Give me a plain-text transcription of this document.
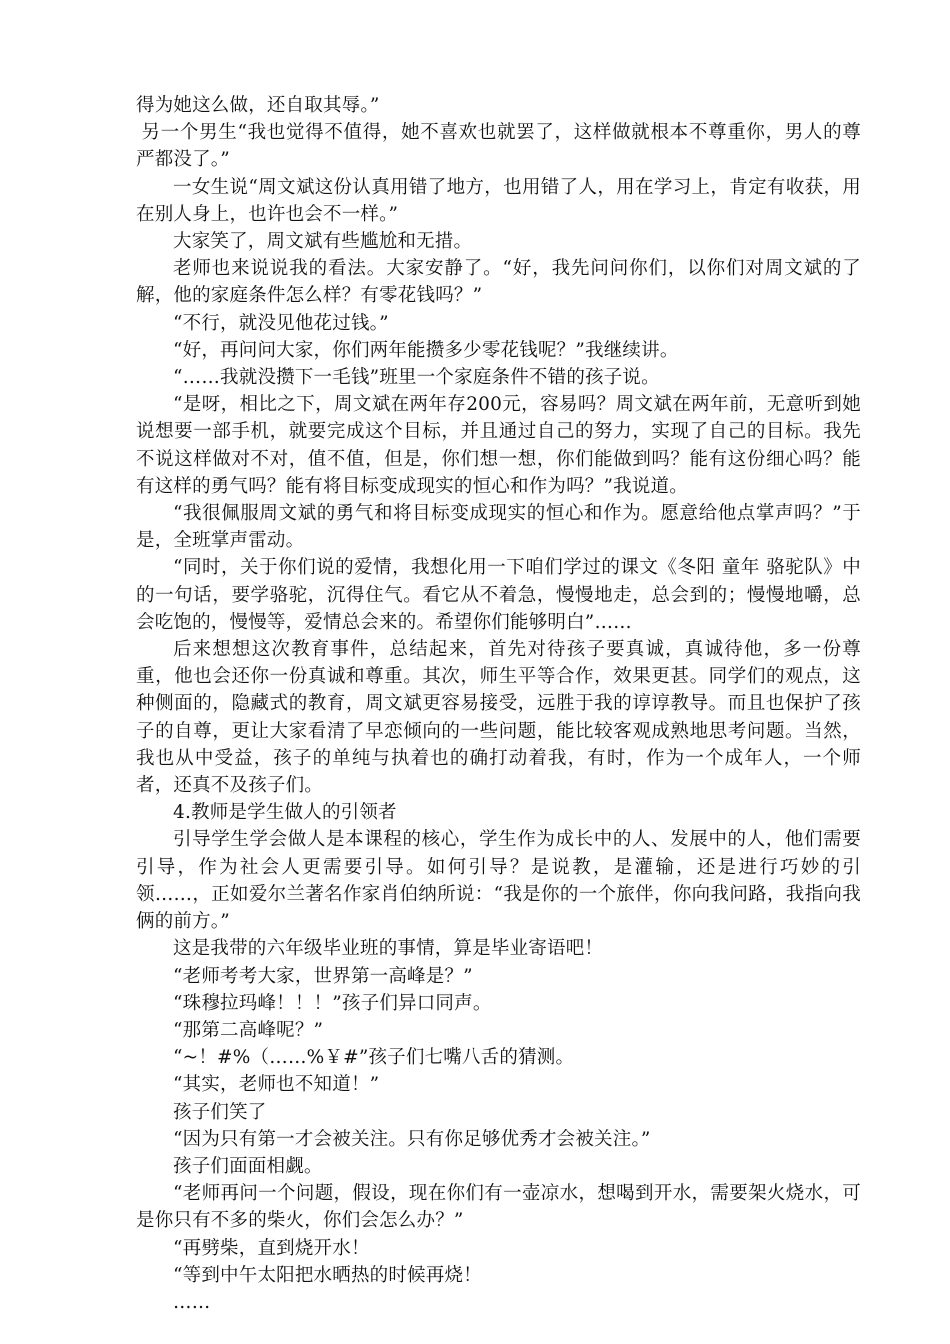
得为她这么做，还自取其辱。”

另一个男生“我也觉得不值得，她不喜欢也就罢了，这样做就根本不尊重你，男人的尊严都没了。”

一女生说“周文斌这份认真用错了地方，也用错了人，用在学习上，肯定有收获，用在别人身上，也许也会不一样。”

大家笑了，周文斌有些尴尬和无措。

老师也来说说我的看法。大家安静了。“好，我先问问你们，以你们对周文斌的了解，他的家庭条件怎么样？有零花钱吗？”

“不行，就没见他花过钱。”

“好，再问问大家，你们两年能攒多少零花钱呢？”我继续讲。

“……我就没攒下一毛钱”班里一个家庭条件不错的孩子说。

“是呀，相比之下，周文斌在两年存200元，容易吗？周文斌在两年前，无意听到她说想要一部手机，就要完成这个目标，并且通过自己的努力，实现了自己的目标。我先不说这样做对不对，值不值，但是，你们想一想，你们能做到吗？能有这份细心吗？能有这样的勇气吗？能有将目标变成现实的恒心和作为吗？”我说道。

“我很佩服周文斌的勇气和将目标变成现实的恒心和作为。愿意给他点掌声吗？”于是，全班掌声雷动。

“同时，关于你们说的爱情，我想化用一下咱们学过的课文《冬阳 童年 骆驼队》中的一句话，要学骆驼，沉得住气。看它从不着急，慢慢地走，总会到的；慢慢地嚼，总会吃饱的，慢慢等，爱情总会来的。希望你们能够明白”……

后来想想这次教育事件，总结起来，首先对待孩子要真诚，真诚待他，多一份尊重，他也会还你一份真诚和尊重。其次，师生平等合作，效果更甚。同学们的观点，这种侧面的，隐藏式的教育，周文斌更容易接受，远胜于我的谆谆教导。而且也保护了孩子的自尊，更让大家看清了早恋倾向的一些问题，能比较客观成熟地思考问题。当然，我也从中受益，孩子的单纯与执着也的确打动着我，有时，作为一个成年人，一个师者，还真不及孩子们。

4.教师是学生做人的引领者

引导学生学会做人是本课程的核心，学生作为成长中的人、发展中的人，他们需要引导，作为社会人更需要引导。如何引导？是说教，是灌输，还是进行巧妙的引领……，正如爱尔兰著名作家肖伯纳所说：“我是你的一个旅伴，你向我问路，我指向我俩的前方。”

这是我带的六年级毕业班的事情，算是毕业寄语吧！

“老师考考大家，世界第一高峰是？”

“珠穆拉玛峰！！！”孩子们异口同声。

“那第二高峰呢？”

“~！#%（……%￥#”孩子们七嘴八舌的猜测。

“其实，老师也不知道！”

孩子们笑了

“因为只有第一才会被关注。只有你足够优秀才会被关注。”

孩子们面面相觑。

“老师再问一个问题，假设，现在你们有一壶凉水，想喝到开水，需要架火烧水，可是你只有不多的柴火，你们会怎么办？”

“再劈柴，直到烧开水！

“等到中午太阳把水晒热的时候再烧！

……
